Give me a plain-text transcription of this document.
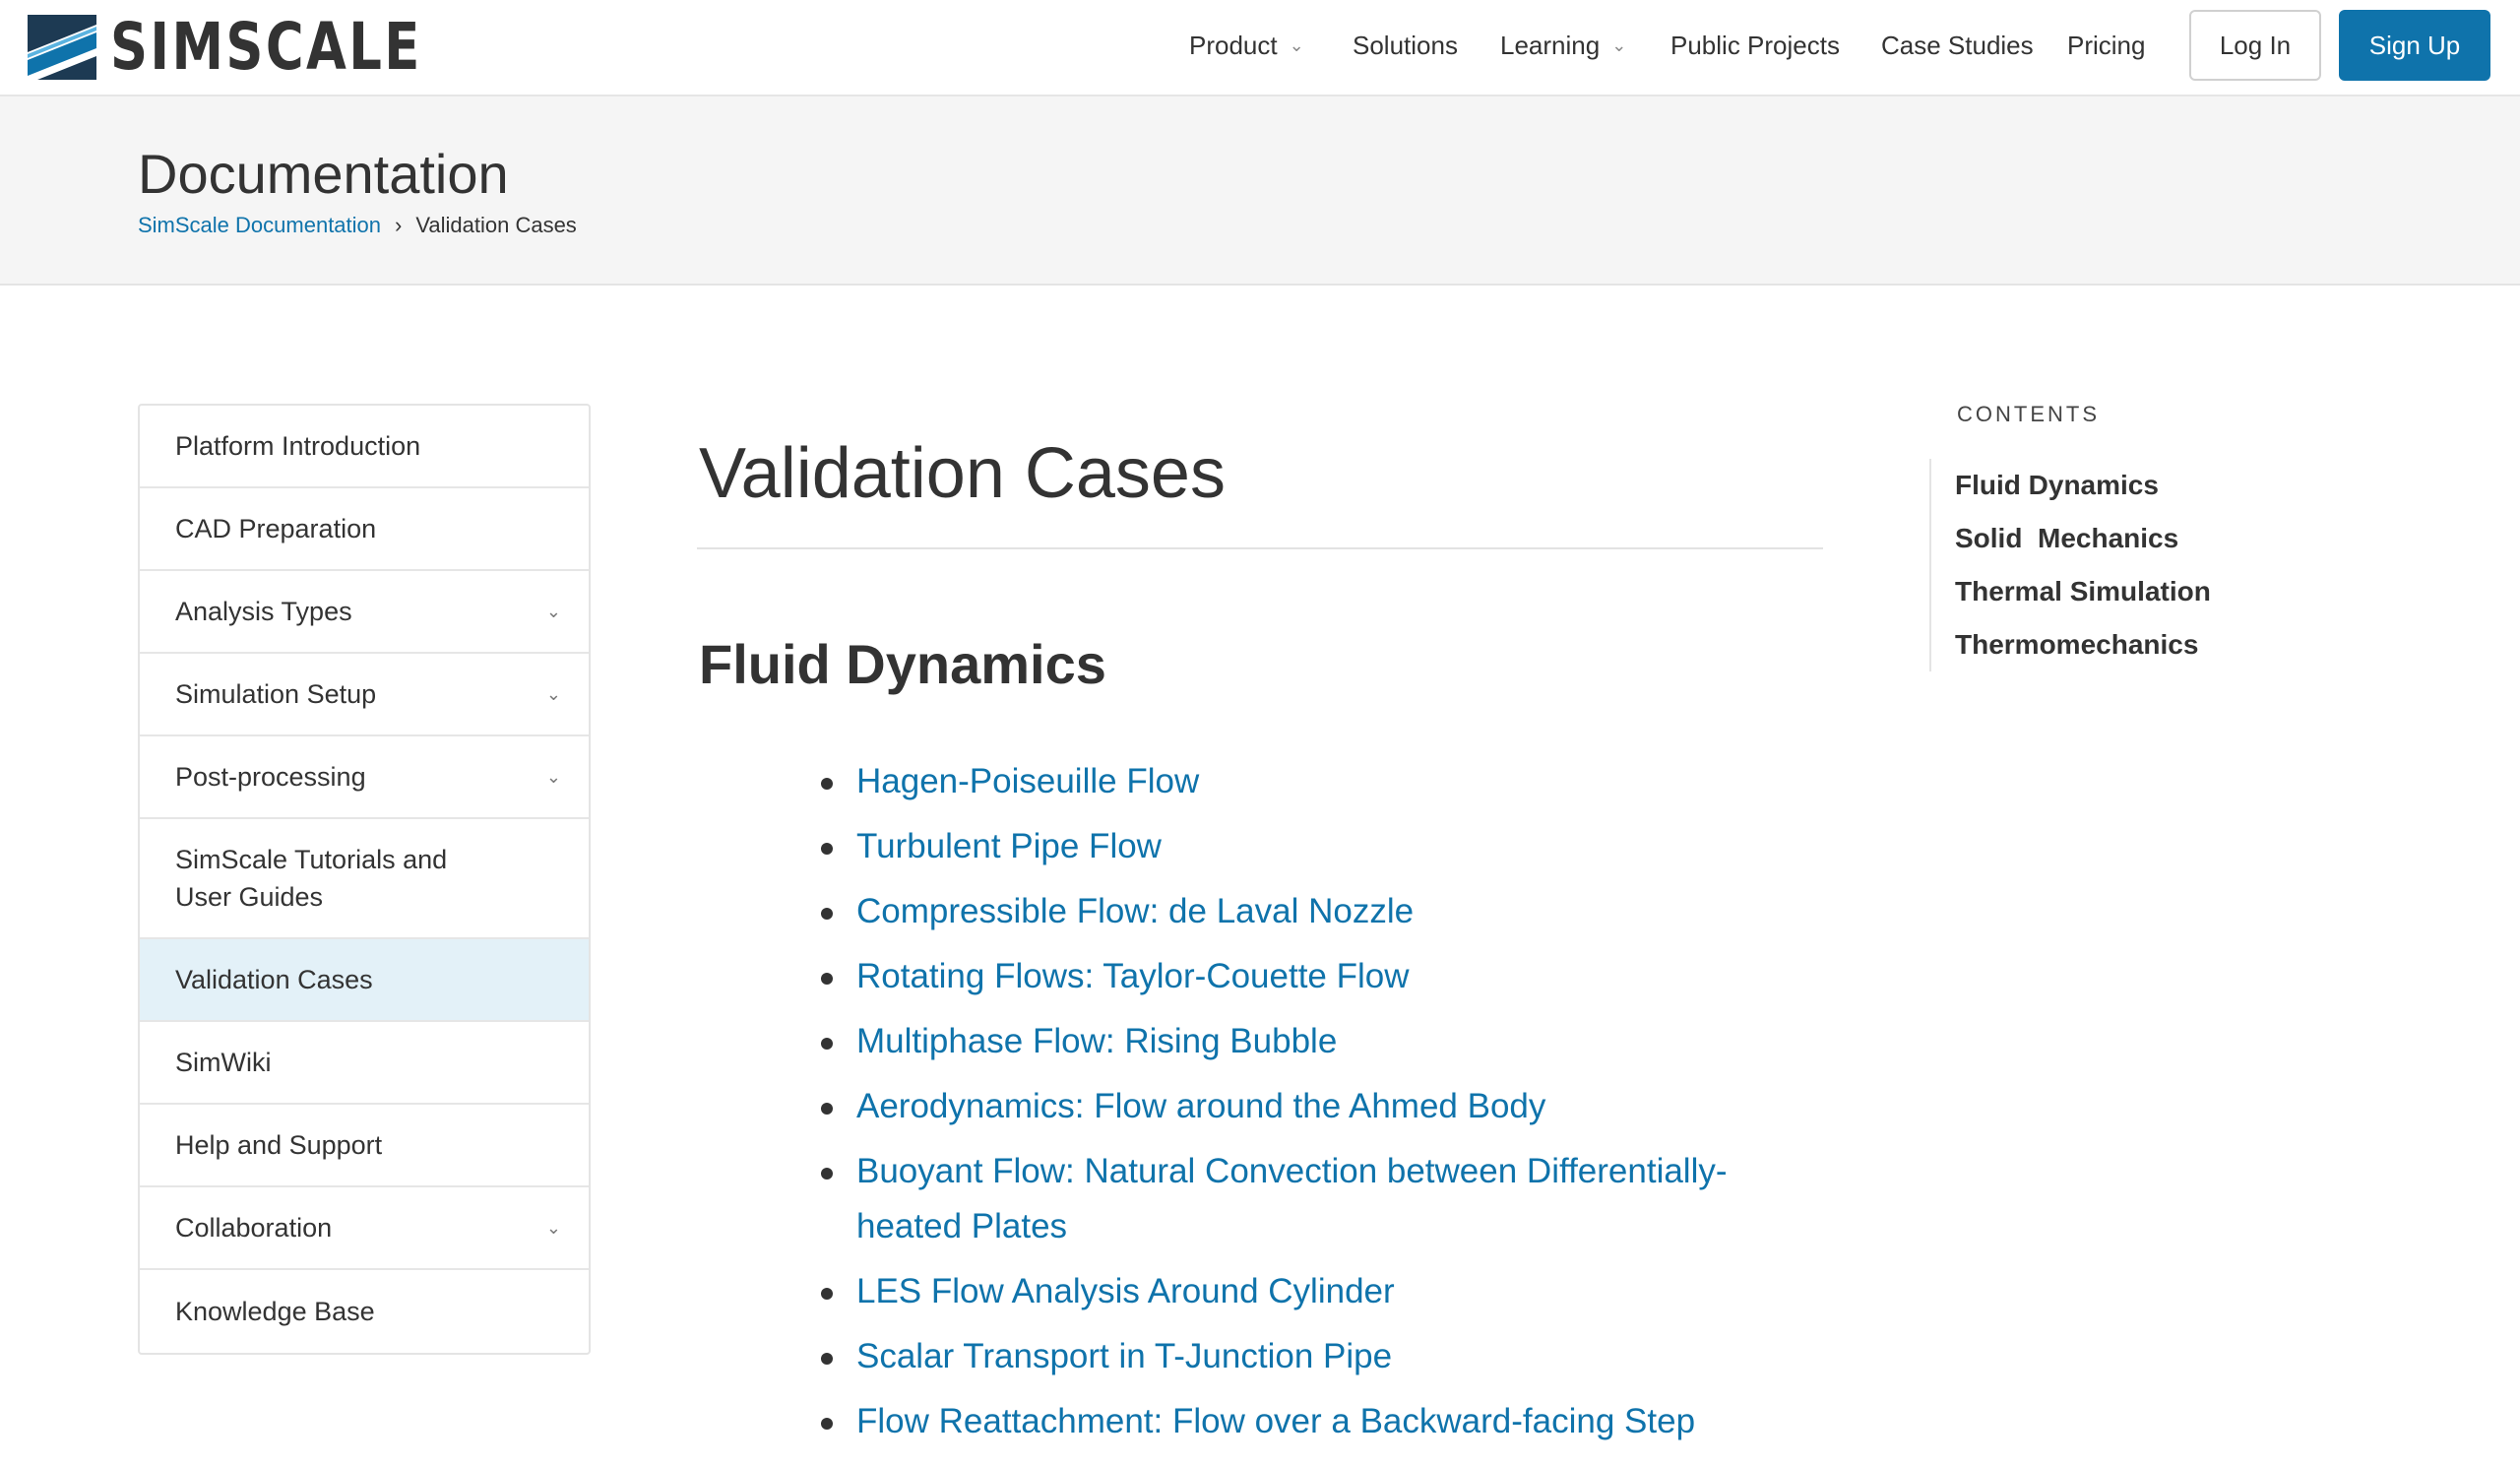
SIMSCALE	Product ⌄ Solutions Learning ⌄ Public Projects Case Studies Pricing	Log In	Sign Up
Documentation
SimScale Documentation › Validation Cases
Platform Introduction
CAD Preparation
Analysis Types	⌄
Simulation Setup	⌄
Post-processing	⌄
SimScale Tutorials and User Guides
Validation Cases
SimWiki
Help and Support
Collaboration	⌄
Knowledge Base
Validation Cases
Fluid Dynamics
Hagen-Poiseuille Flow
Turbulent Pipe Flow
Compressible Flow: de Laval Nozzle
Rotating Flows: Taylor-Couette Flow
Multiphase Flow: Rising Bubble
Aerodynamics: Flow around the Ahmed Body
Buoyant Flow: Natural Convection between Differentially-heated Plates
LES Flow Analysis Around Cylinder
Scalar Transport in T-Junction Pipe
Flow Reattachment: Flow over a Backward-facing Step
CONTENTS
Fluid Dynamics
Solid  Mechanics
Thermal Simulation
Thermomechanics
